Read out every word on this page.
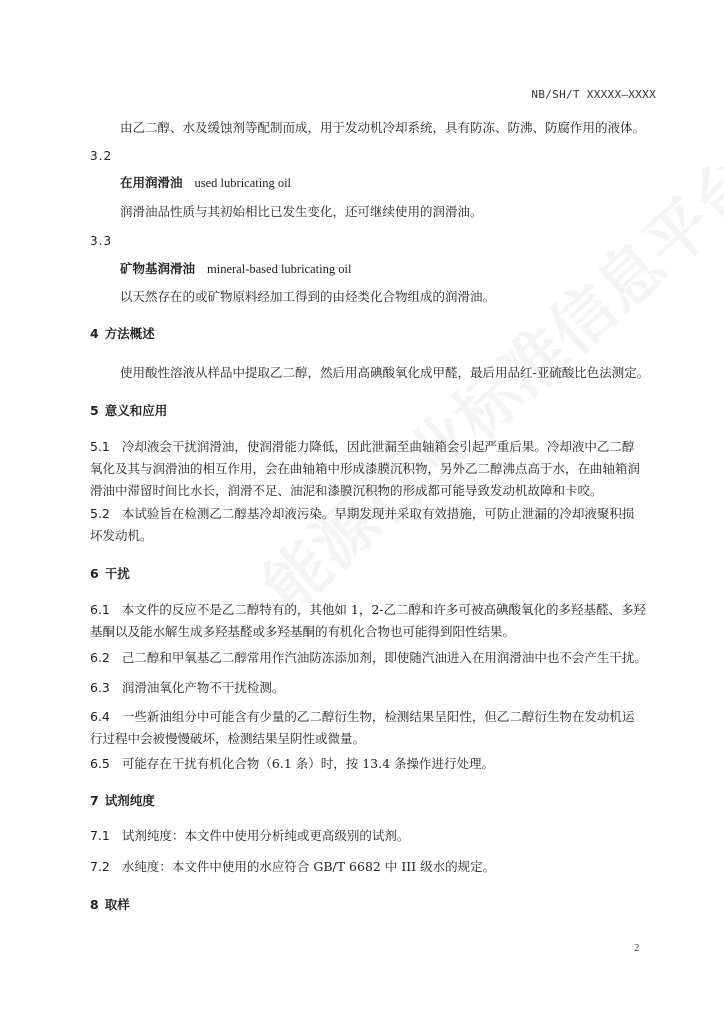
NB/SH/T XXXXX—XXXX
由乙二醇、水及缓蚀剂等配制而成，用于发动机冷却系统，具有防冻、防沸、防腐作用的液体。
3.2
在用润滑油 used lubricating oil
润滑油品性质与其初始相比已发生变化，还可继续使用的润滑油。
3.3
矿物基润滑油 mineral-based lubricating oil
以天然存在的或矿物原料经加工得到的由烃类化合物组成的润滑油。
4 方法概述
使用酸性溶液从样品中提取乙二醇，然后用高碘酸氧化成甲醛，最后用品红-亚硫酸比色法测定。
5 意义和应用
5.1 冷却液会干扰润滑油，使润滑能力降低，因此泄漏至曲轴箱会引起严重后果。冷却液中乙二醇
氧化及其与润滑油的相互作用，会在曲轴箱中形成漆膜沉积物，另外乙二醇沸点高于水，在曲轴箱润
滑油中滞留时间比水长，润滑不足、油泥和漆膜沉积物的形成都可能导致发动机故障和卡咬。
5.2 本试验旨在检测乙二醇基冷却液污染。早期发现并采取有效措施，可防止泄漏的冷却液聚积损
坏发动机。
6 干扰
6.1 本文件的反应不是乙二醇特有的，其他如 1，2-乙二醇和许多可被高碘酸氧化的多羟基醛、多羟
基酮以及能水解生成多羟基醛或多羟基酮的有机化合物也可能得到阳性结果。
6.2 己二醇和甲氧基乙二醇常用作汽油防冻添加剂，即使随汽油进入在用润滑油中也不会产生干扰。
6.3 润滑油氧化产物不干扰检测。
6.4 一些新油组分中可能含有少量的乙二醇衍生物，检测结果呈阳性，但乙二醇衍生物在发动机运
行过程中会被慢慢破坏，检测结果呈阴性或微量。
6.5 可能存在干扰有机化合物（6.1 条）时，按 13.4 条操作进行处理。
7 试剂纯度
7.1 试剂纯度：本文件中使用分析纯或更高级别的试剂。
7.2 水纯度：本文件中使用的水应符合 GB/T 6682 中 III 级水的规定。
8 取样
2
